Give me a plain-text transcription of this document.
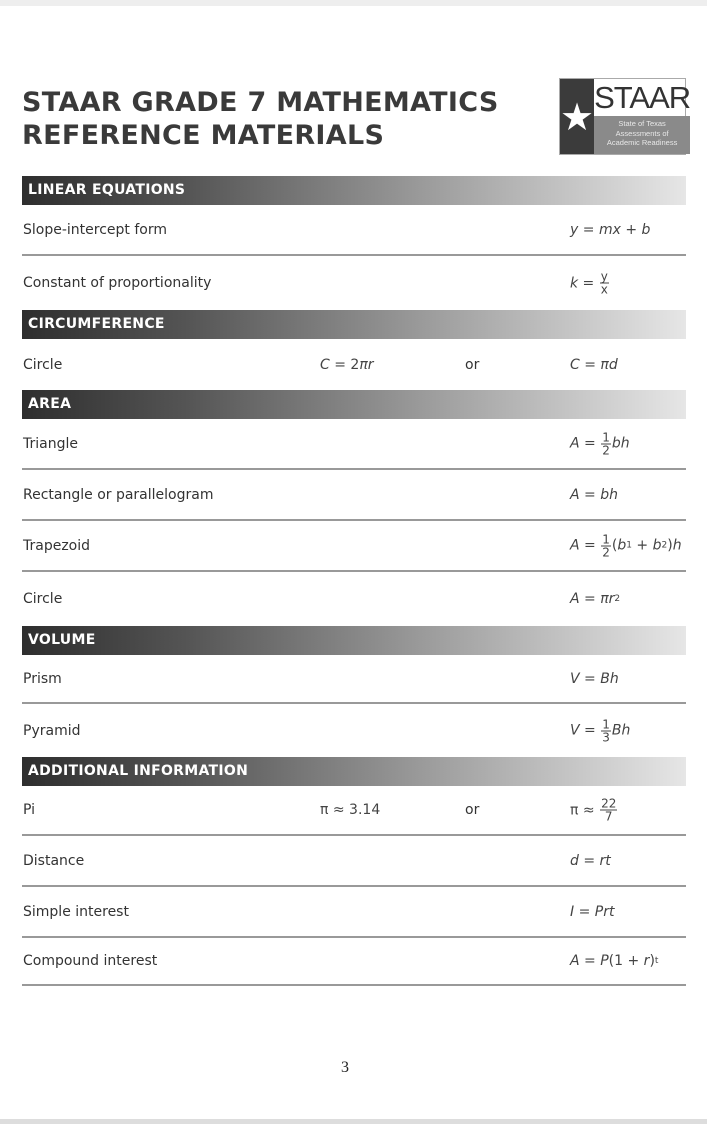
STAAR GRADE 7 MATHEMATICS
REFERENCE MATERIALS	★ STAAR
State of Texas
Assessments of
Academic Readiness
LINEAR EQUATIONS
Slope-intercept form	y = mx + b
Constant of proportionality	$k = \frac{y}{x}$
CIRCUMFERENCE
Circle	C = 2 πr	or	C = πd
AREA
Triangle	$A = \frac{1}{2}$ bh
Rectangle or parallelogram	A = bh
Trapezoid	$A = \frac{1}{2}$ ( b 1 + b 2 ) h
Circle	A = πr 2
VOLUME
Prism	V = Bh
Pyramid	$V = \frac{1}{3}$ Bh
ADDITIONAL INFORMATION
Pi	π ≈ 3.14	or	$\pi \approx \frac{22}{7}$
Distance	d = rt
Simple interest	I = Prt
Compound interest	A = P (1 + r ) t
3
